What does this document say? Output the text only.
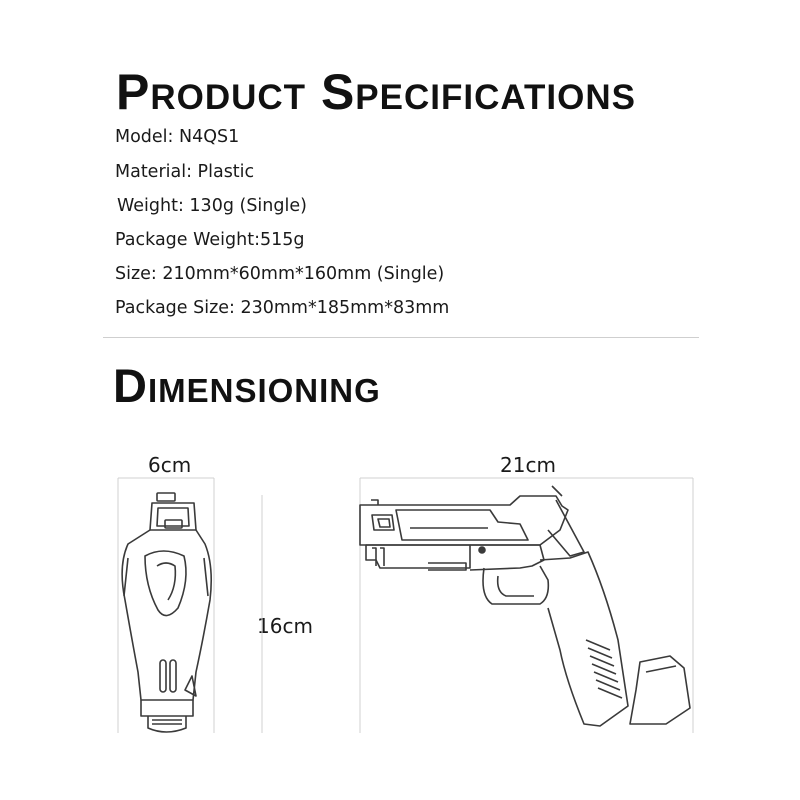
Product Specifications
Model: N4QS1
Material: Plastic
Weight: 130g (Single)
Package Weight:515g
Size: 210mm*60mm*160mm (Single)
Package Size: 230mm*185mm*83mm
Dimensioning
6cm
16cm
21cm
